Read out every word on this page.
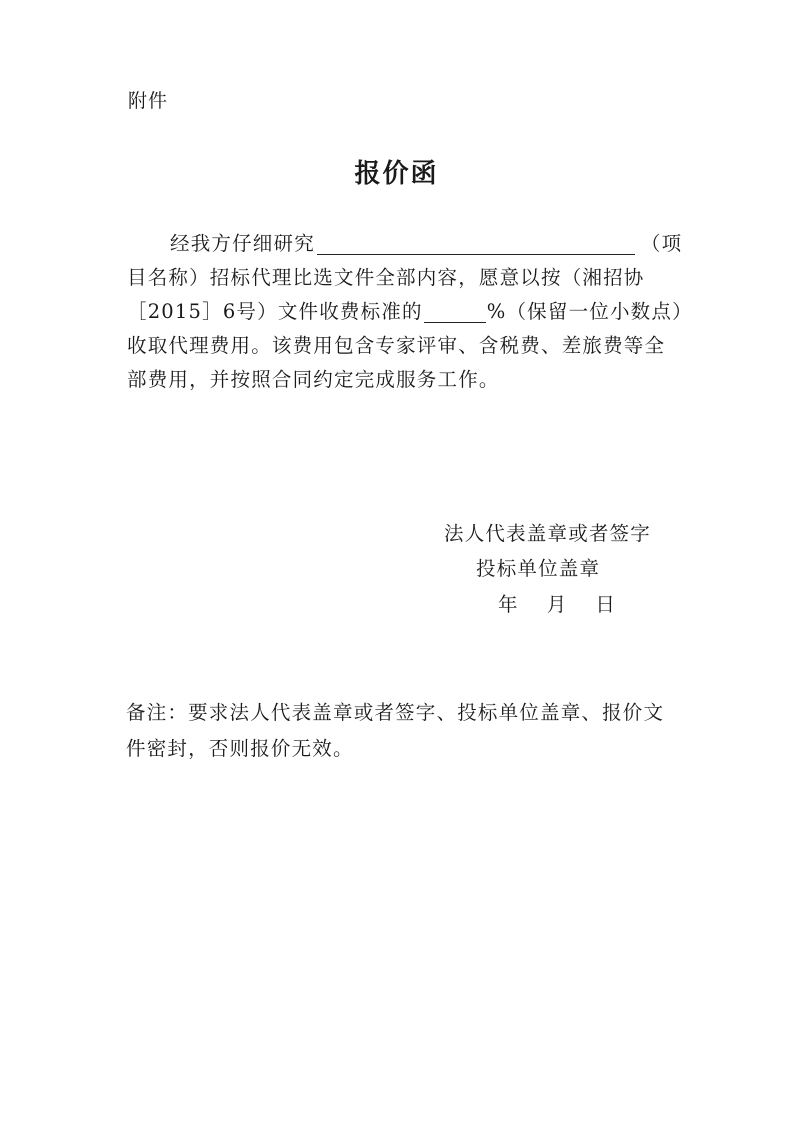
附件
报价函
经我方仔细研究	（项
目名称）招标代理比选文件全部内容，愿意以按（湘招协
［2015］6号）文件收费标准的	%（保留一位小数点）
收取代理费用。该费用包含专家评审、含税费、差旅费等全
部费用，并按照合同约定完成服务工作。
法人代表盖章或者签字
投标单位盖章
年 月 日
备注：要求法人代表盖章或者签字、投标单位盖章、报价文
件密封，否则报价无效。
